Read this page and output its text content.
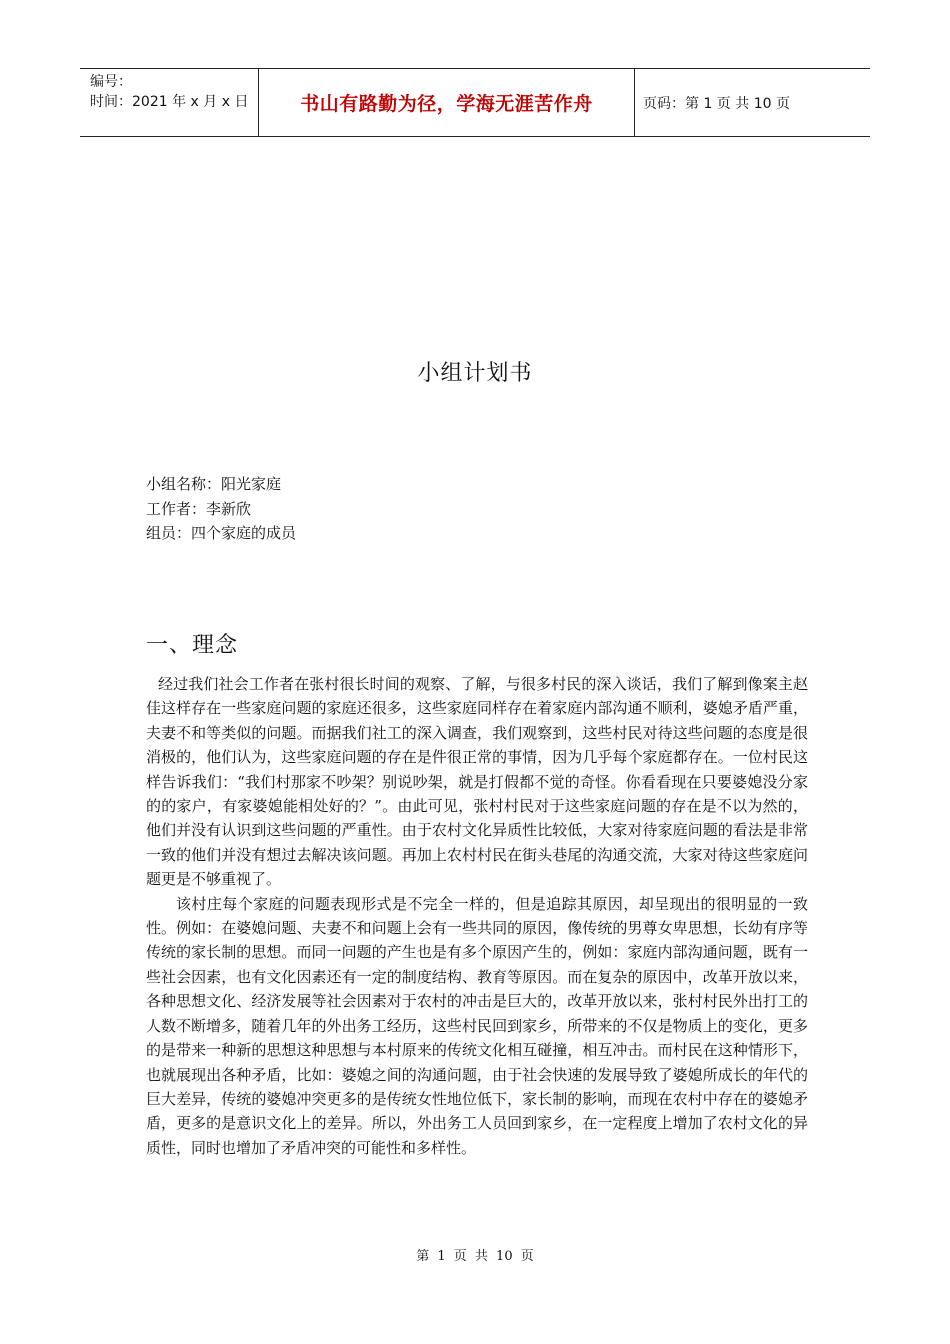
编号：
时间：2021 年 x 月 x 日	书山有路勤为径，学海无涯苦作舟	页码：第 1 页 共 10 页
小组计划书
小组名称：阳光家庭
工作者：李新欣
组员：四个家庭的成员
一、理念

经过我们社会工作者在张村很长时间的观察、了解，与很多村民的深入谈话，我们了解到像案主赵佳这样存在一些家庭问题的家庭还很多，这些家庭同样存在着家庭内部沟通不顺利，婆媳矛盾严重，夫妻不和等类似的问题。而据我们社工的深入调查，我们观察到，这些村民对待这些问题的态度是很消极的，他们认为，这些家庭问题的存在是件很正常的事情，因为几乎每个家庭都存在。一位村民这样告诉我们：“我们村那家不吵架？别说吵架，就是打假都不觉的奇怪。你看看现在只要婆媳没分家的的家户，有家婆媳能相处好的？”。由此可见，张村村民对于这些家庭问题的存在是不以为然的，他们并没有认识到这些问题的严重性。由于农村文化异质性比较低，大家对待家庭问题的看法是非常一致的他们并没有想过去解决该问题。再加上农村村民在街头巷尾的沟通交流，大家对待这些家庭问题更是不够重视了。

该村庄每个家庭的问题表现形式是不完全一样的，但是追踪其原因，却呈现出的很明显的一致性。例如：在婆媳问题、夫妻不和问题上会有一些共同的原因，像传统的男尊女卑思想，长幼有序等传统的家长制的思想。而同一问题的产生也是有多个原因产生的，例如：家庭内部沟通问题，既有一些社会因素，也有文化因素还有一定的制度结构、教育等原因。而在复杂的原因中，改革开放以来，各种思想文化、经济发展等社会因素对于农村的冲击是巨大的，改革开放以来，张村村民外出打工的人数不断增多，随着几年的外出务工经历，这些村民回到家乡，所带来的不仅是物质上的变化，更多的是带来一种新的思想这种思想与本村原来的传统文化相互碰撞，相互冲击。而村民在这种情形下，也就展现出各种矛盾，比如：婆媳之间的沟通问题，由于社会快速的发展导致了婆媳所成长的年代的巨大差异，传统的婆媳冲突更多的是传统女性地位低下，家长制的影响，而现在农村中存在的婆媳矛盾，更多的是意识文化上的差异。所以，外出务工人员回到家乡，在一定程度上增加了农村文化的异质性，同时也增加了矛盾冲突的可能性和多样性。

第 1 页 共 10 页
